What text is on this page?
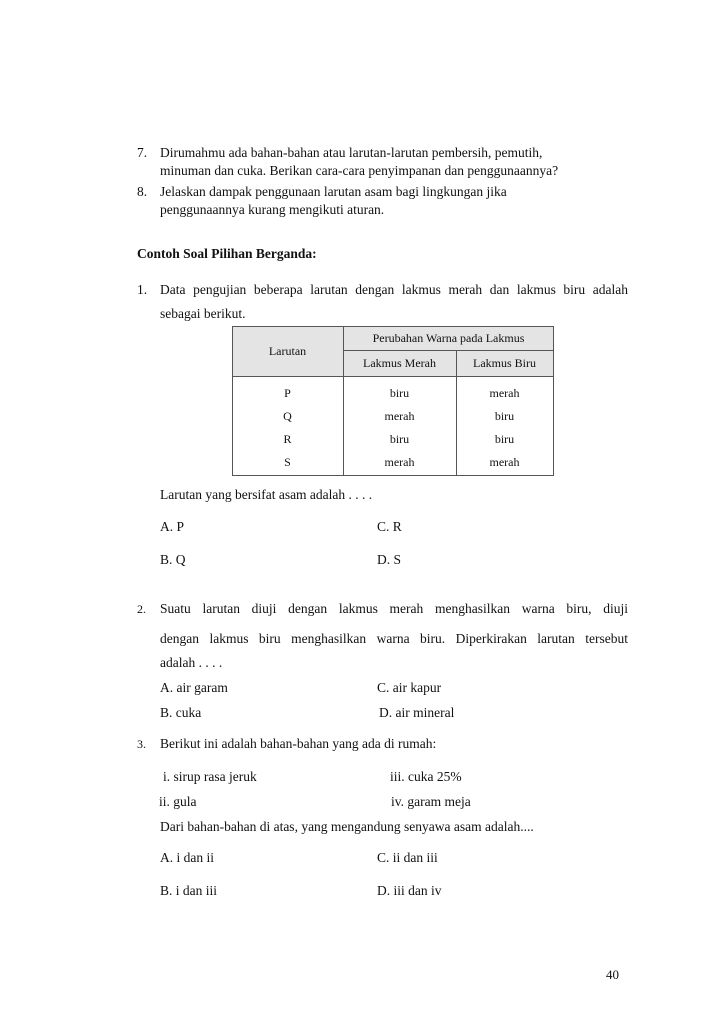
7. Dirumahmu ada bahan-bahan atau larutan-larutan pembersih, pemutih,
minuman dan cuka. Berikan cara-cara penyimpanan dan penggunaannya?
8. Jelaskan dampak penggunaan larutan asam bagi lingkungan jika
penggunaannya kurang mengikuti aturan.
Contoh Soal Pilihan Berganda:
1. Data pengujian beberapa larutan dengan lakmus merah dan lakmus biru adalah
sebagai berikut.
Larutan
Perubahan Warna pada Lakmus
Lakmus Merah	Lakmus Biru
P	biru	merah
Q	merah	biru
R	biru	biru
S	merah	merah
Larutan yang bersifat asam adalah . . . .
A. P	C. R
B. Q	D. S
2. Suatu larutan diuji dengan lakmus merah menghasilkan warna biru, diuji
dengan lakmus biru menghasilkan warna biru. Diperkirakan larutan tersebut
adalah . . . .
A. air garam	C. air kapur
B. cuka	D. air mineral
3. Berikut ini adalah bahan-bahan yang ada di rumah:
i. sirup rasa jeruk	iii. cuka 25%
ii. gula	iv. garam meja
Dari bahan-bahan di atas, yang mengandung senyawa asam adalah....
A. i dan ii	C. ii dan iii
B. i dan iii	D. iii dan iv
40
